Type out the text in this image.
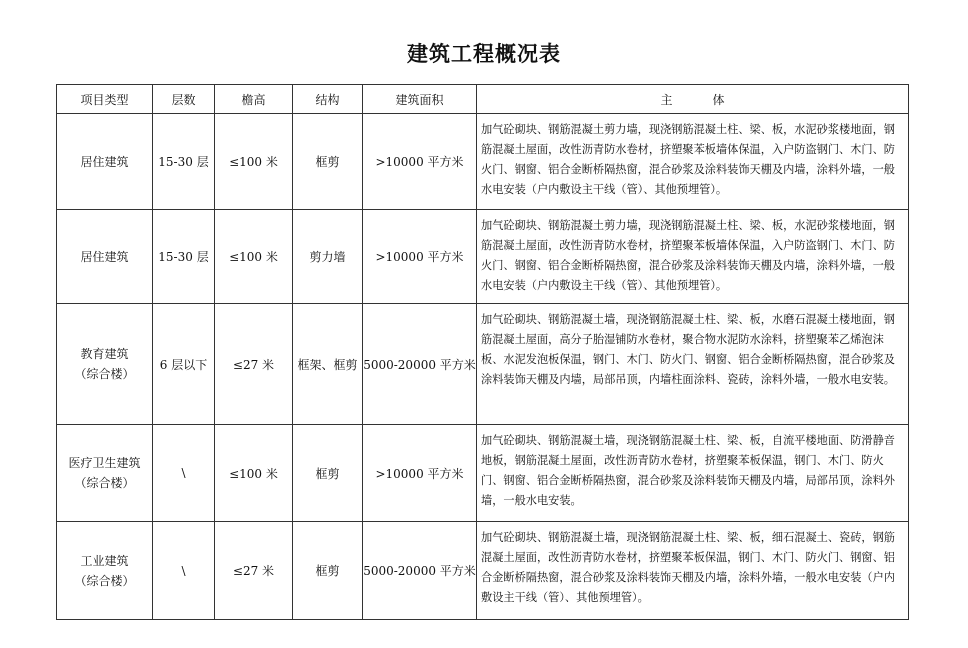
建筑工程概况表
项目类型	层数	檐高	结构	建筑面积	主体

居住建筑	15-30 层	≤100 米	框剪	>10000 平方米	加气砼砌块、钢筋混凝土剪力墙，现浇钢筋混凝土柱、梁、板，水泥砂浆楼地面，钢筋混凝土屋面，改性沥青防水卷材，挤塑聚苯板墙体保温，入户防盗钢门、木门、防火门、钢窗、铝合金断桥隔热窗，混合砂浆及涂料装饰天棚及内墙，涂料外墙，一般水电安装（户内敷设主干线（管）、其他预埋管）。

居住建筑	15-30 层	≤100 米	剪力墙	>10000 平方米	加气砼砌块、钢筋混凝土剪力墙，现浇钢筋混凝土柱、梁、板，水泥砂浆楼地面，钢筋混凝土屋面，改性沥青防水卷材，挤塑聚苯板墙体保温，入户防盗钢门、木门、防火门、钢窗、铝合金断桥隔热窗，混合砂浆及涂料装饰天棚及内墙，涂料外墙，一般水电安装（户内敷设主干线（管）、其他预埋管）。

教育建筑
（综合楼）	6 层以下	≤27 米	框架、框剪	5000-20000 平方米	加气砼砌块、钢筋混凝土墙，现浇钢筋混凝土柱、梁、板，水磨石混凝土楼地面，钢筋混凝土屋面，高分子胎湿铺防水卷材，聚合物水泥防水涂料，挤塑聚苯乙烯泡沫板、水泥发泡板保温，钢门、木门、防火门、钢窗、铝合金断桥隔热窗，混合砂浆及涂料装饰天棚及内墙，局部吊顶，内墙柱面涂料、瓷砖，涂料外墙，一般水电安装。

医疗卫生建筑
（综合楼）	\	≤100 米	框剪	>10000 平方米	加气砼砌块、钢筋混凝土墙，现浇钢筋混凝土柱、梁、板，自流平楼地面、防滑静音地板，钢筋混凝土屋面，改性沥青防水卷材，挤塑聚苯板保温，钢门、木门、防火门、钢窗、铝合金断桥隔热窗，混合砂浆及涂料装饰天棚及内墙，局部吊顶，涂料外墙，一般水电安装。

工业建筑
（综合楼）	\	≤27 米	框剪	5000-20000 平方米	加气砼砌块、钢筋混凝土墙，现浇钢筋混凝土柱、梁、板，细石混凝土、瓷砖，钢筋混凝土屋面，改性沥青防水卷材，挤塑聚苯板保温，钢门、木门、防火门、钢窗、铝合金断桥隔热窗，混合砂浆及涂料装饰天棚及内墙，涂料外墙，一般水电安装（户内敷设主干线（管）、其他预埋管）。
